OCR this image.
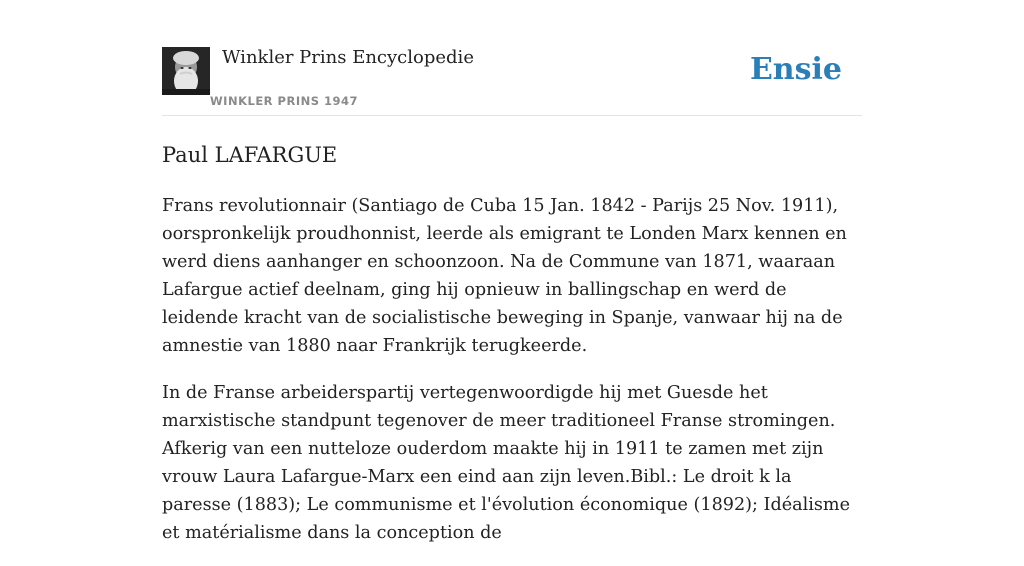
Winkler Prins Encyclopedie
WINKLER PRINS 1947
Ensie
Paul LAFARGUE

Frans revolutionnair (Santiago de Cuba 15 Jan. 1842 - Parijs 25 Nov. 1911), oorspronkelijk proudhonnist, leerde als emigrant te Londen Marx kennen en werd diens aanhanger en schoonzoon. Na de Commune van 1871, waaraan Lafargue actief deelnam, ging hij opnieuw in ballingschap en werd de leidende kracht van de socialistische beweging in Spanje, vanwaar hij na de amnestie van 1880 naar Frankrijk terugkeerde.

In de Franse arbeiderspartij vertegenwoordigde hij met Guesde het marxistische standpunt tegenover de meer traditioneel Franse stromingen. Afkerig van een nutteloze ouderdom maakte hij in 1911 te zamen met zijn vrouw Laura Lafargue-Marx een eind aan zijn leven.Bibl.: Le droit k la paresse (1883); Le communisme et l'évolution économique (1892); Idéalisme et matérialisme dans la conception de
